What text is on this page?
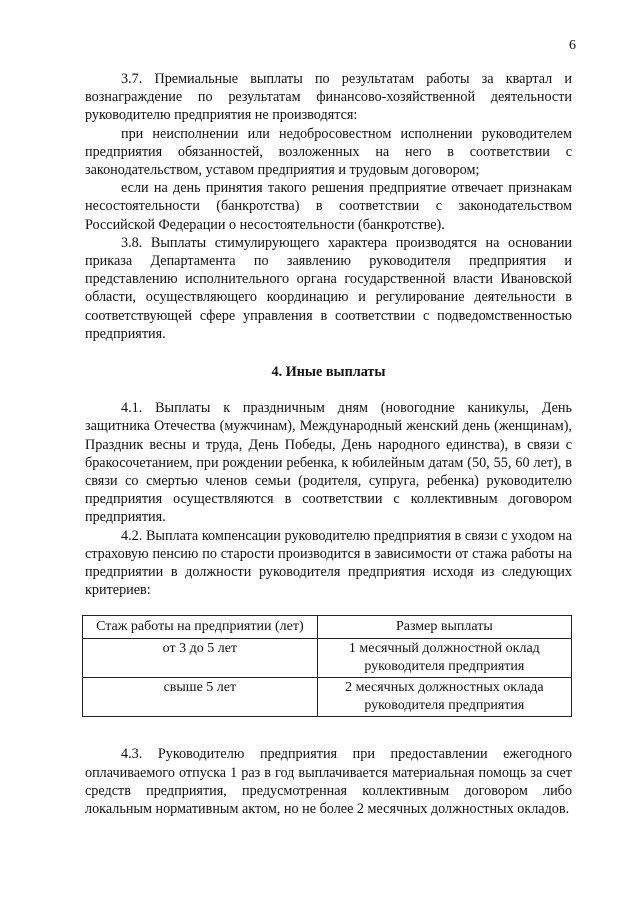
6

3.7. Премиальные выплаты по результатам работы за квартал и вознаграждение по результатам финансово-хозяйственной деятельности руководителю предприятия не производятся:

при неисполнении или недобросовестном исполнении руководителем предприятия обязанностей, возложенных на него в соответствии с законодательством, уставом предприятия и трудовым договором;

если на день принятия такого решения предприятие отвечает признакам несостоятельности (банкротства) в соответствии с законодательством Российской Федерации о несостоятельности (банкротстве).

3.8. Выплаты стимулирующего характера производятся на основании приказа Департамента по заявлению руководителя предприятия и представлению исполнительного органа государственной власти Ивановской области, осуществляющего координацию и регулирование деятельности в соответствующей сфере управления в соответствии с подведомственностью предприятия.

4. Иные выплаты

4.1. Выплаты к праздничным дням (новогодние каникулы, День защитника Отечества (мужчинам), Международный женский день (женщинам), Праздник весны и труда, День Победы, День народного единства), в связи с бракосочетанием, при рождении ребенка, к юбилейным датам (50, 55, 60 лет), в связи со смертью членов семьи (родителя, супруга, ребенка) руководителю предприятия осуществляются в соответствии с коллективным договором предприятия.

4.2. Выплата компенсации руководителю предприятия в связи с уходом на страховую пенсию по старости производится в зависимости от стажа работы на предприятии в должности руководителя предприятия исходя из следующих критериев:

Стаж работы на предприятии (лет)	Размер выплаты
от 3 до 5 лет	1 месячный должностной оклад руководителя предприятия
свыше 5 лет	2 месячных должностных оклада руководителя предприятия

4.3. Руководителю предприятия при предоставлении ежегодного оплачиваемого отпуска 1 раз в год выплачивается материальная помощь за счет средств предприятия, предусмотренная коллективным договором либо локальным нормативным актом, но не более 2 месячных должностных окладов.
